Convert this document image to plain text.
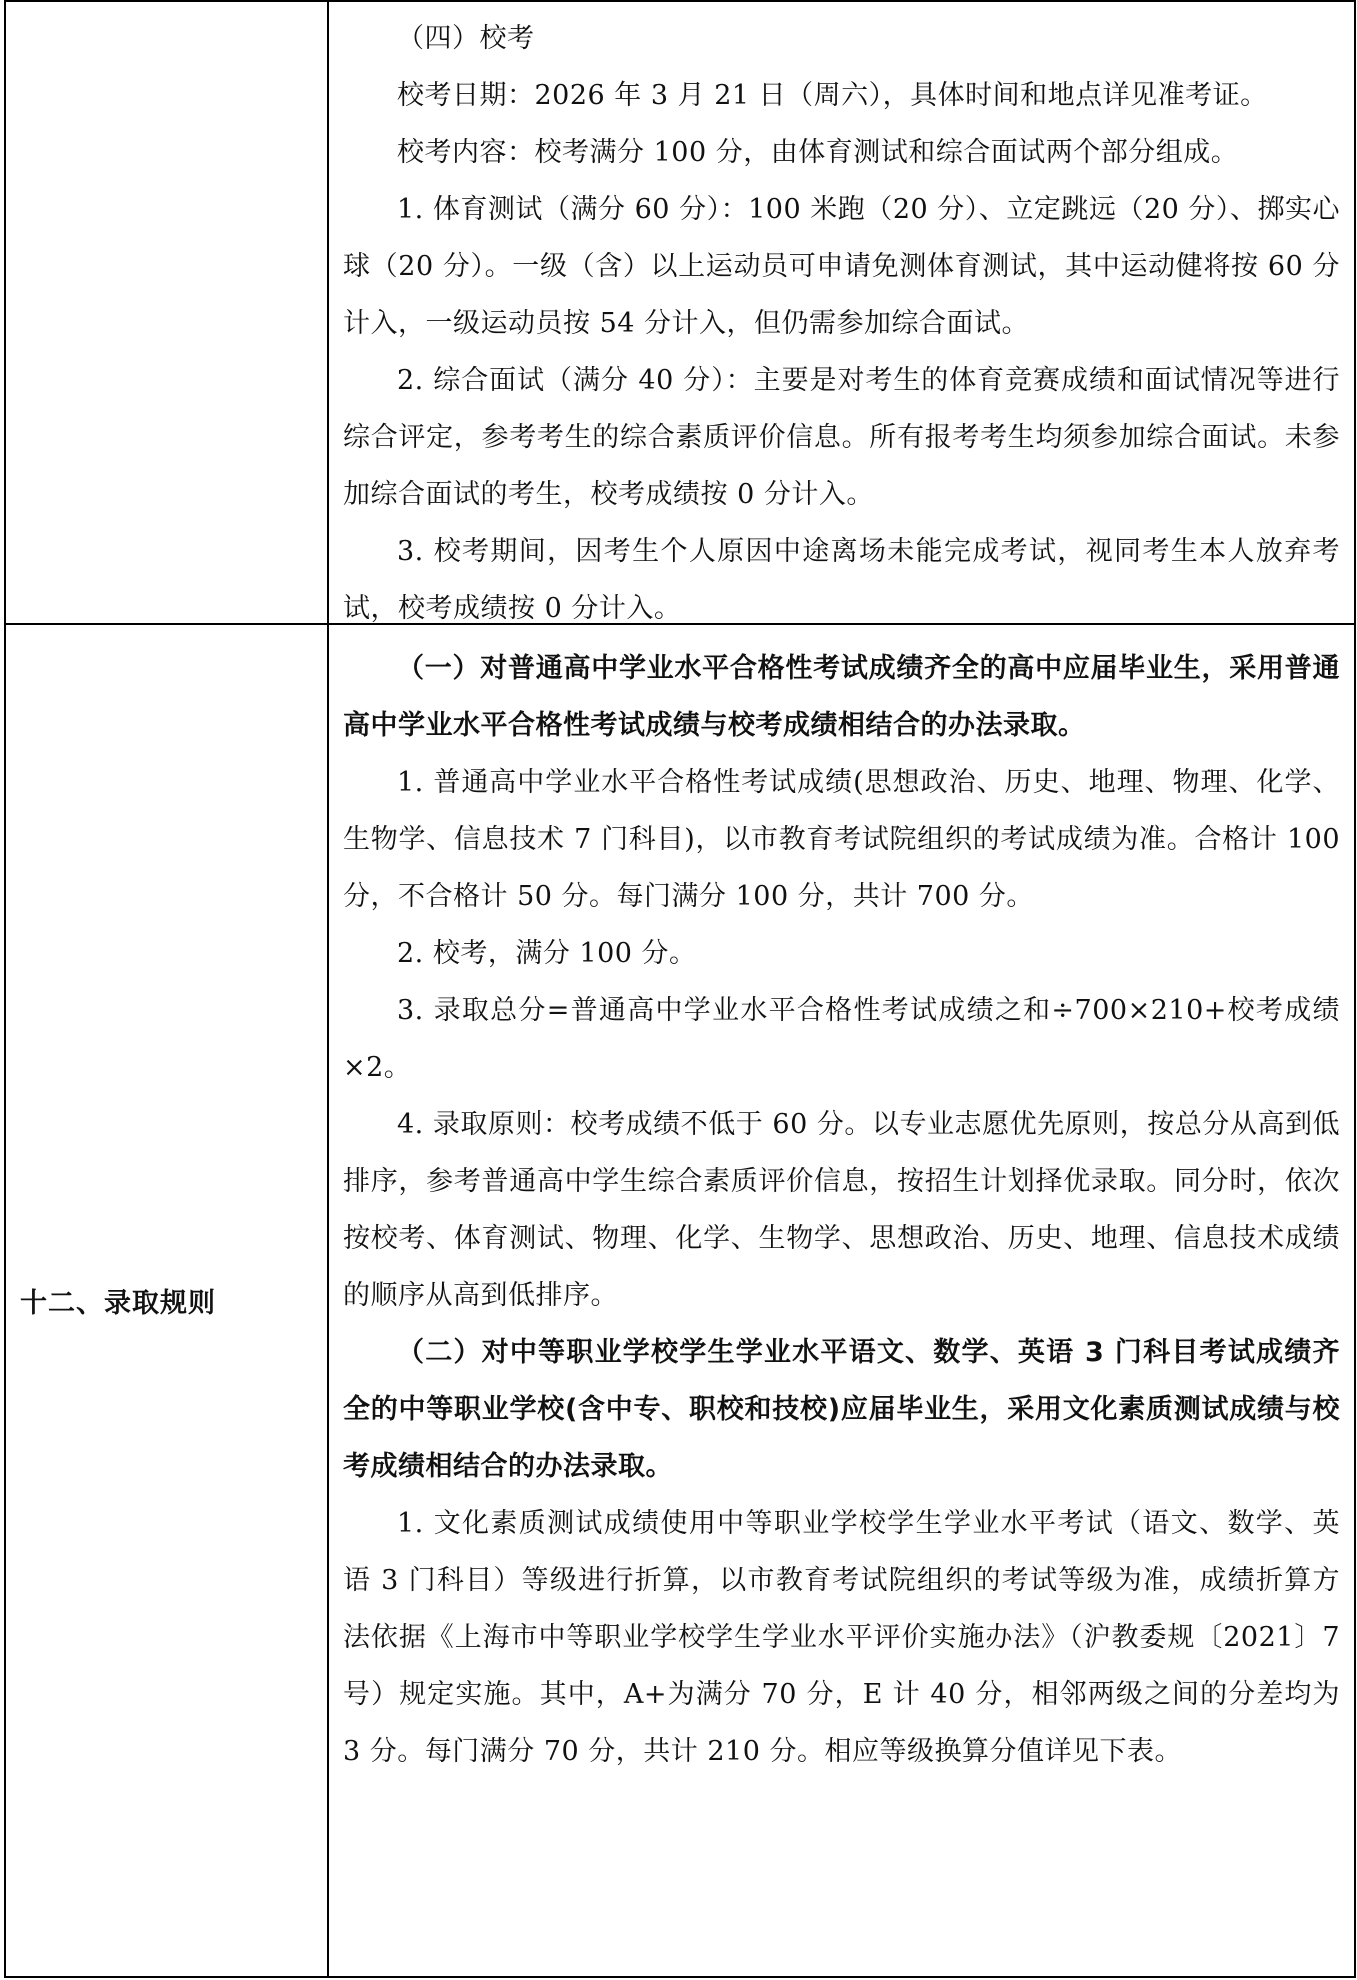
（四）校考

校考日期：2026 年 3 月 21 日（周六），具体时间和地点详见准考证。

校考内容：校考满分 100 分，由体育测试和综合面试两个部分组成。

1. 体育测试（满分 60 分）：100 米跑（20 分）、立定跳远（20 分）、掷实心球（20 分）。一级（含）以上运动员可申请免测体育测试，其中运动健将按 60 分计入，一级运动员按 54 分计入，但仍需参加综合面试。

2. 综合面试（满分 40 分）：主要是对考生的体育竞赛成绩和面试情况等进行综合评定，参考考生的综合素质评价信息。所有报考考生均须参加综合面试。未参加综合面试的考生，校考成绩按 0 分计入。

3. 校考期间，因考生个人原因中途离场未能完成考试，视同考生本人放弃考试，校考成绩按 0 分计入。

十二、录取规则

（一）对普通高中学业水平合格性考试成绩齐全的高中应届毕业生，采用普通高中学业水平合格性考试成绩与校考成绩相结合的办法录取。

1. 普通高中学业水平合格性考试成绩(思想政治、历史、地理、物理、化学、生物学、信息技术 7 门科目)，以市教育考试院组织的考试成绩为准。合格计 100 分，不合格计 50 分。每门满分 100 分，共计 700 分。

2. 校考，满分 100 分。

3. 录取总分=普通高中学业水平合格性考试成绩之和÷700×210+校考成绩×2。

4. 录取原则：校考成绩不低于 60 分。以专业志愿优先原则，按总分从高到低排序，参考普通高中学生综合素质评价信息，按招生计划择优录取。同分时，依次按校考、体育测试、物理、化学、生物学、思想政治、历史、地理、信息技术成绩的顺序从高到低排序。

（二）对中等职业学校学生学业水平语文、数学、英语 3 门科目考试成绩齐全的中等职业学校(含中专、职校和技校)应届毕业生，采用文化素质测试成绩与校考成绩相结合的办法录取。

1. 文化素质测试成绩使用中等职业学校学生学业水平考试（语文、数学、英语 3 门科目）等级进行折算，以市教育考试院组织的考试等级为准，成绩折算方法依据《上海市中等职业学校学生学业水平评价实施办法》（沪教委规〔2021〕7 号）规定实施。其中，A+为满分 70 分，E 计 40 分，相邻两级之间的分差均为 3 分。每门满分 70 分，共计 210 分。相应等级换算分值详见下表。
